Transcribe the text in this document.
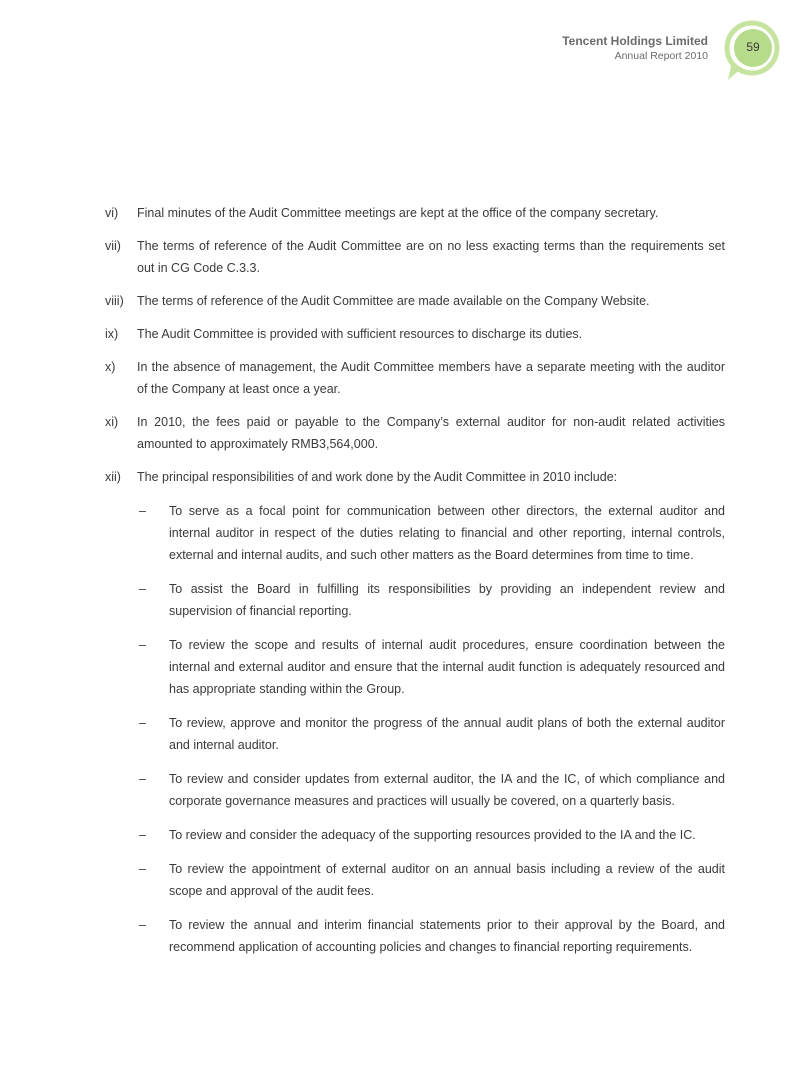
Tencent Holdings Limited
Annual Report 2010
59
vi) Final minutes of the Audit Committee meetings are kept at the office of the company secretary.
vii) The terms of reference of the Audit Committee are on no less exacting terms than the requirements set out in CG Code C.3.3.
viii) The terms of reference of the Audit Committee are made available on the Company Website.
ix) The Audit Committee is provided with sufficient resources to discharge its duties.
x) In the absence of management, the Audit Committee members have a separate meeting with the auditor of the Company at least once a year.
xi) In 2010, the fees paid or payable to the Company’s external auditor for non-audit related activities amounted to approximately RMB3,564,000.
xii) The principal responsibilities of and work done by the Audit Committee in 2010 include:
– To serve as a focal point for communication between other directors, the external auditor and internal auditor in respect of the duties relating to financial and other reporting, internal controls, external and internal audits, and such other matters as the Board determines from time to time.
– To assist the Board in fulfilling its responsibilities by providing an independent review and supervision of financial reporting.
– To review the scope and results of internal audit procedures, ensure coordination between the internal and external auditor and ensure that the internal audit function is adequately resourced and has appropriate standing within the Group.
– To review, approve and monitor the progress of the annual audit plans of both the external auditor and internal auditor.
– To review and consider updates from external auditor, the IA and the IC, of which compliance and corporate governance measures and practices will usually be covered, on a quarterly basis.
– To review and consider the adequacy of the supporting resources provided to the IA and the IC.
– To review the appointment of external auditor on an annual basis including a review of the audit scope and approval of the audit fees.
– To review the annual and interim financial statements prior to their approval by the Board, and recommend application of accounting policies and changes to financial reporting requirements.
